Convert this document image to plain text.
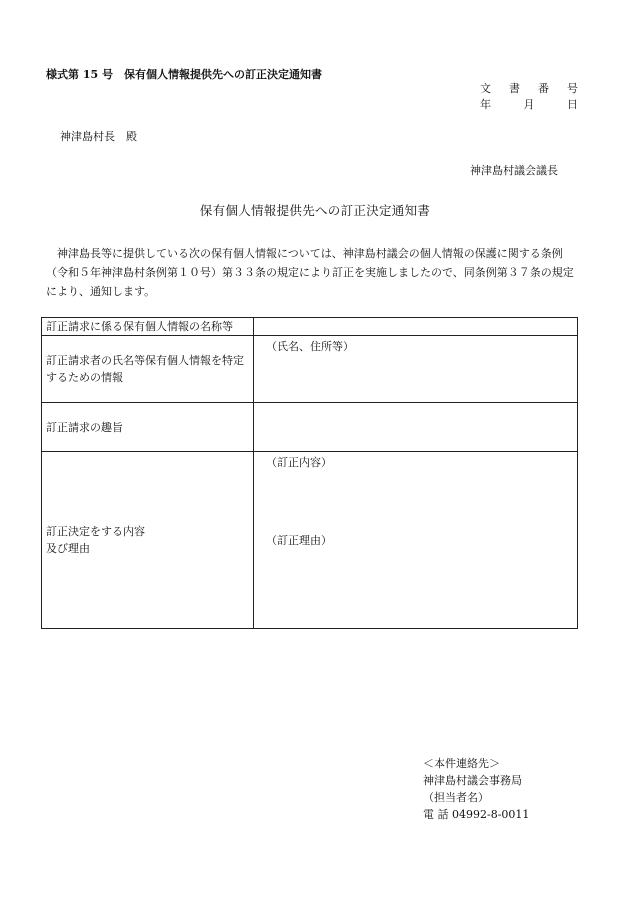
様式第 15 号　保有個人情報提供先への訂正決定通知書
文 書 番 号
年	月	日
神津島村長　殿
神津島村議会議長
保有個人情報提供先への訂正決定通知書
神津島長等に提供している次の保有個人情報については、神津島村議会の個人情報の保護に関する条例（令和５年神津島村条例第１０号）第３３条の規定により訂正を実施しましたので、同条例第３７条の規定により、通知します。
訂正請求に係る保有個人情報の名称等	
訂正請求者の氏名等保有個人情報を特定するための情報	（氏名、住所等）
訂正請求の趣旨	

訂正決定をする内容及び理由	（訂正内容）
（訂正理由）
＜本件連絡先＞
神津島村議会事務局
（担当者名）
電 話 04992-8-0011
